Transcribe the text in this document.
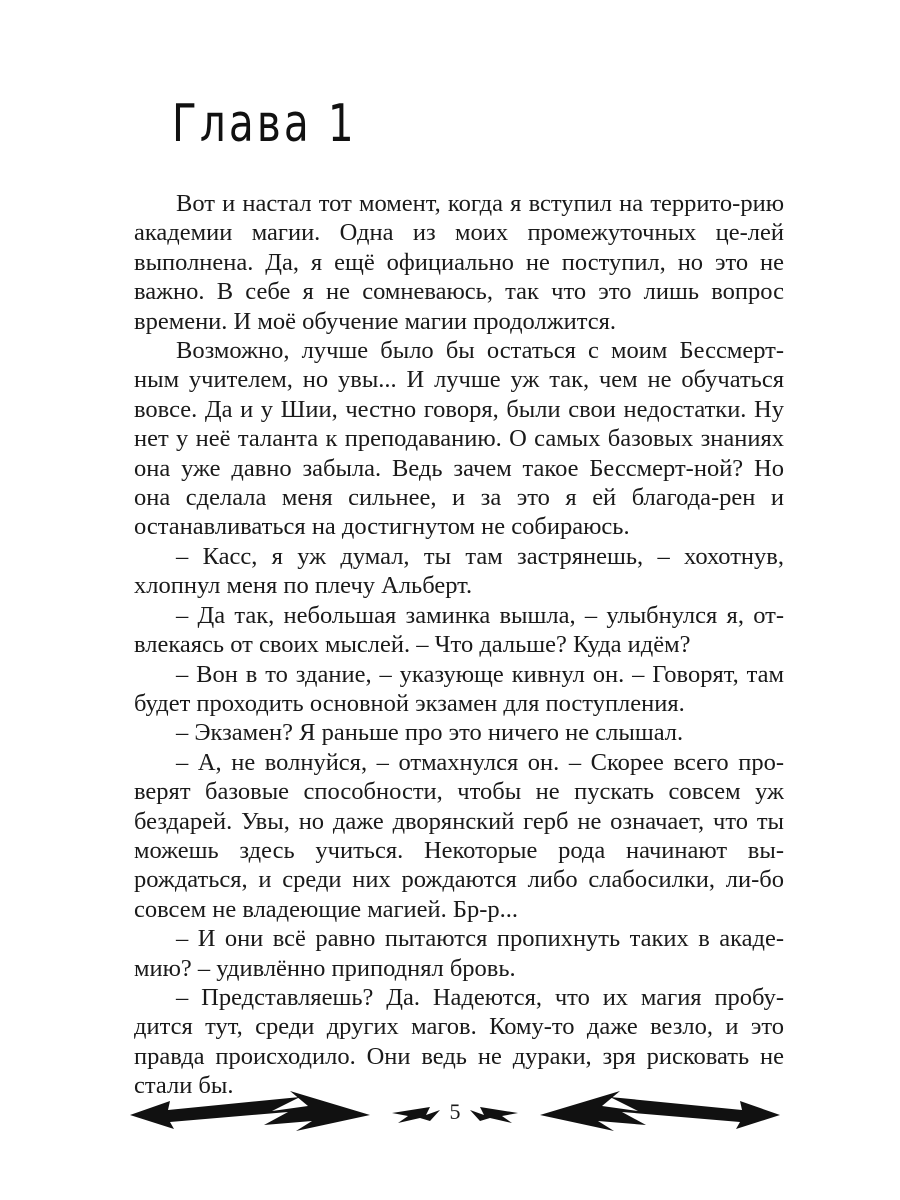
Глава 1

Вот и настал тот момент, когда я вступил на террито-рию академии магии. Одна из моих промежуточных це-лей выполнена. Да, я ещё официально не поступил, но это не важно. В себе я не сомневаюсь, так что это лишь вопрос времени. И моё обучение магии продолжится.

Возможно, лучше было бы остаться с моим Бессмерт-ным учителем, но увы... И лучше уж так, чем не обучаться вовсе. Да и у Шии, честно говоря, были свои недостатки. Ну нет у неё таланта к преподаванию. О самых базовых знаниях она уже давно забыла. Ведь зачем такое Бессмерт-ной? Но она сделала меня сильнее, и за это я ей благода-рен и останавливаться на достигнутом не собираюсь.

– Касс, я уж думал, ты там застрянешь, – хохотнув, хлопнул меня по плечу Альберт.

– Да так, небольшая заминка вышла, – улыбнулся я, от-влекаясь от своих мыслей. – Что дальше? Куда идём?

– Вон в то здание, – указующе кивнул он. – Говорят, там будет проходить основной экзамен для поступления.

– Экзамен? Я раньше про это ничего не слышал.

– А, не волнуйся, – отмахнулся он. – Скорее всего про-верят базовые способности, чтобы не пускать совсем уж бездарей. Увы, но даже дворянский герб не означает, что ты можешь здесь учиться. Некоторые рода начинают вы-рождаться, и среди них рождаются либо слабосилки, ли-бо совсем не владеющие магией. Бр-р...

– И они всё равно пытаются пропихнуть таких в акаде-мию? – удивлённо приподнял бровь.

– Представляешь? Да. Надеются, что их магия пробу-дится тут, среди других магов. Кому-то даже везло, и это правда происходило. Они ведь не дураки, зря рисковать не стали бы.

5
